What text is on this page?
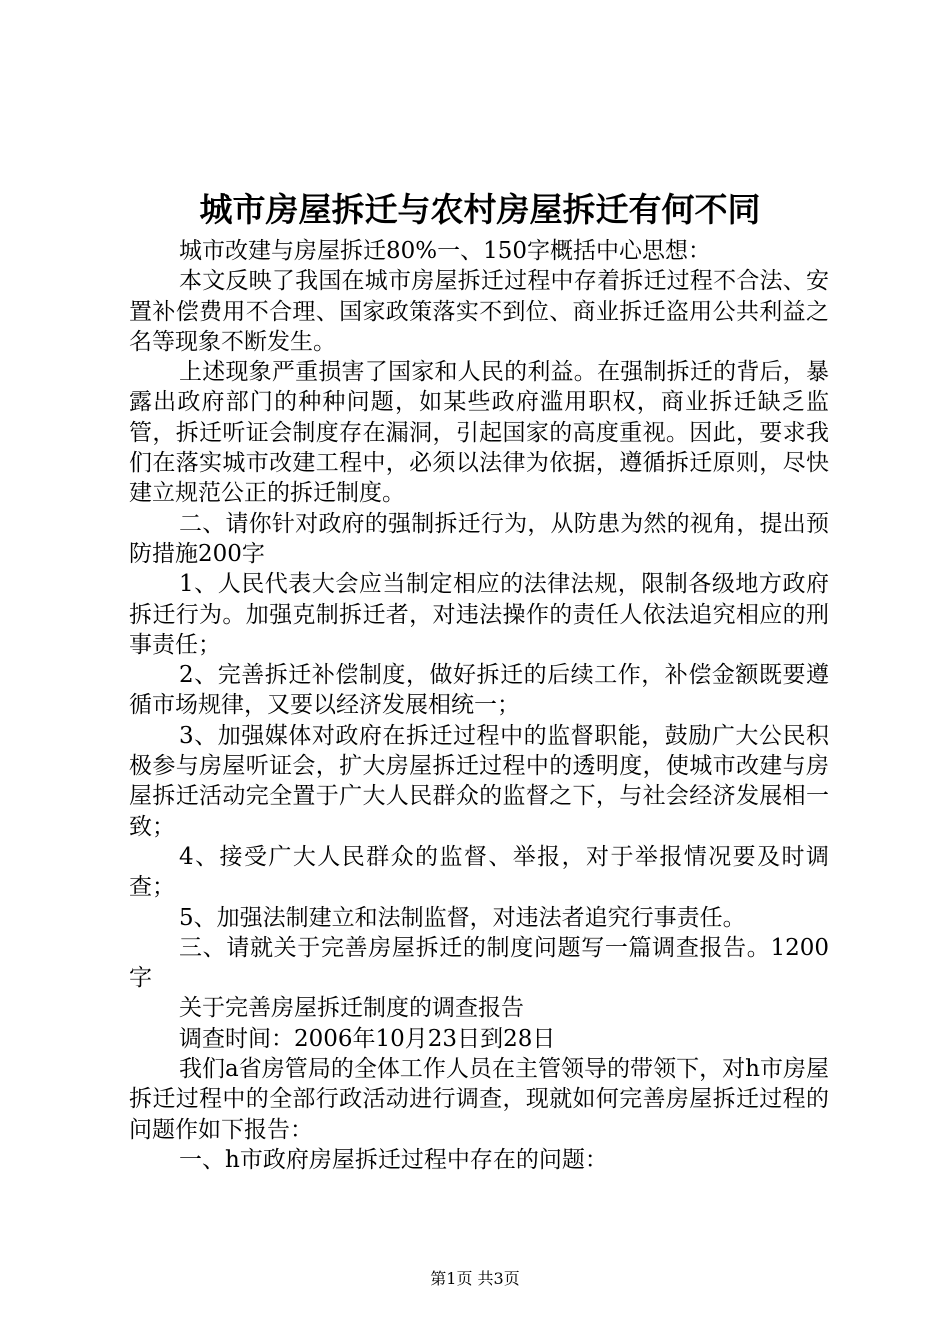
城市房屋拆迁与农村房屋拆迁有何不同

城市改建与房屋拆迁80%一、150字概括中心思想：

本文反映了我国在城市房屋拆迁过程中存着拆迁过程不合法、安置补偿费用不合理、国家政策落实不到位、商业拆迁盗用公共利益之名等现象不断发生。

上述现象严重损害了国家和人民的利益。在强制拆迁的背后，暴露出政府部门的种种问题，如某些政府滥用职权，商业拆迁缺乏监管，拆迁听证会制度存在漏洞，引起国家的高度重视。因此，要求我们在落实城市改建工程中，必须以法律为依据，遵循拆迁原则，尽快建立规范公正的拆迁制度。

二、请你针对政府的强制拆迁行为，从防患为然的视角，提出预防措施200字

1、人民代表大会应当制定相应的法律法规，限制各级地方政府拆迁行为。加强克制拆迁者，对违法操作的责任人依法追究相应的刑事责任；

2、完善拆迁补偿制度，做好拆迁的后续工作，补偿金额既要遵循市场规律，又要以经济发展相统一；

3、加强媒体对政府在拆迁过程中的监督职能，鼓励广大公民积极参与房屋听证会，扩大房屋拆迁过程中的透明度，使城市改建与房屋拆迁活动完全置于广大人民群众的监督之下，与社会经济发展相一致；

4、接受广大人民群众的监督、举报，对于举报情况要及时调查；

5、加强法制建立和法制监督，对违法者追究行事责任。

三、请就关于完善房屋拆迁的制度问题写一篇调查报告。1200字

关于完善房屋拆迁制度的调查报告

调查时间：2006年10月23日到28日

我们a省房管局的全体工作人员在主管领导的带领下，对h市房屋拆迁过程中的全部行政活动进行调查，现就如何完善房屋拆迁过程的问题作如下报告：

一、h市政府房屋拆迁过程中存在的问题：

第1页 共3页
